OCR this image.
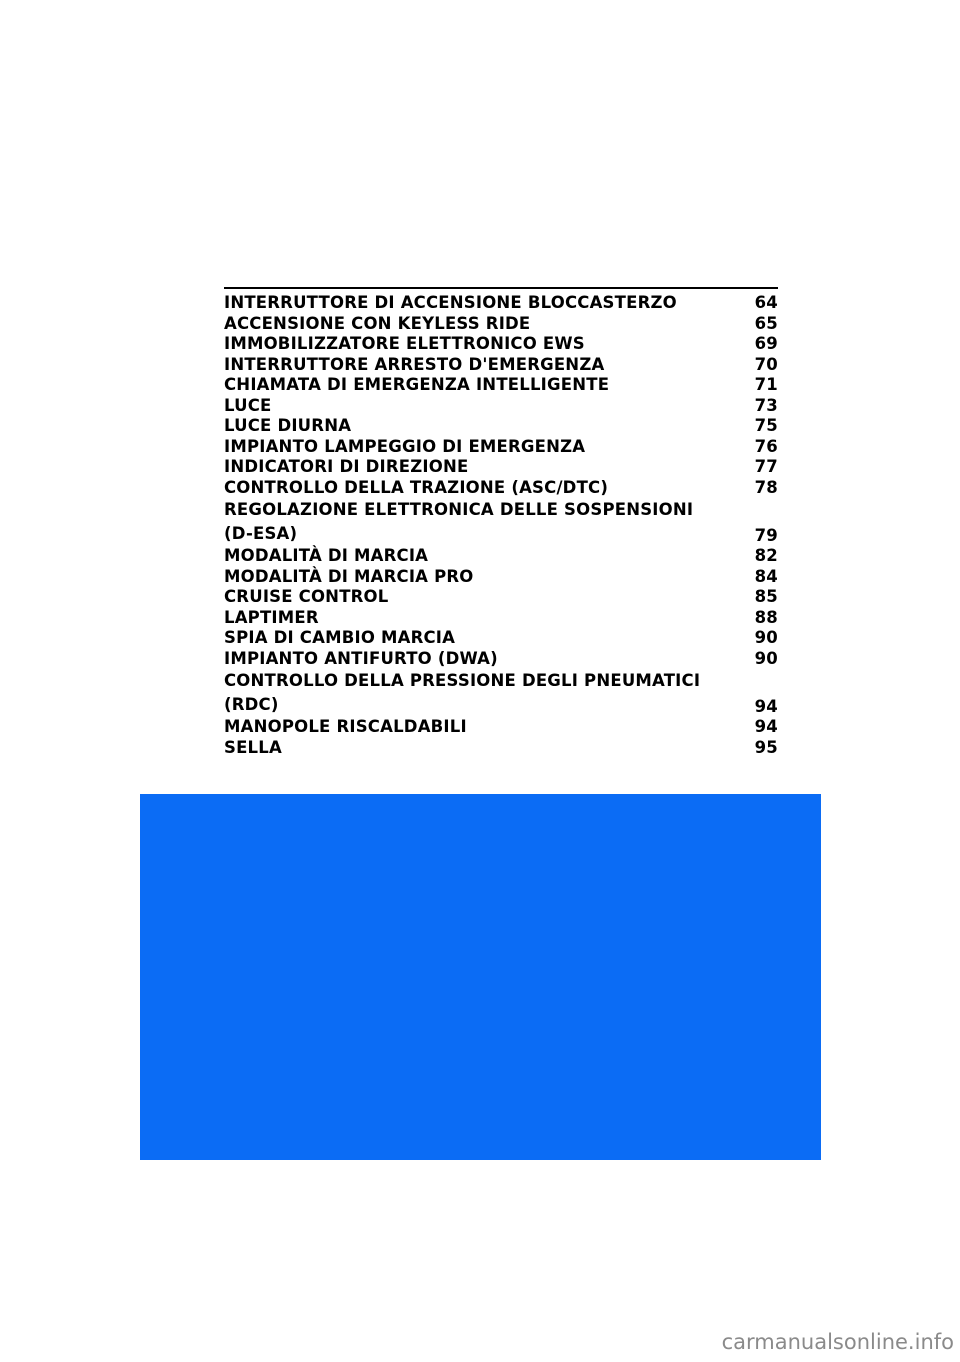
INTERRUTTORE DI ACCENSIONE BLOCCASTERZO	64
ACCENSIONE CON KEYLESS RIDE	65
IMMOBILIZZATORE ELETTRONICO EWS	69
INTERRUTTORE ARRESTO D'EMERGENZA	70
CHIAMATA DI EMERGENZA INTELLIGENTE	71
LUCE	73
LUCE DIURNA	75
IMPIANTO LAMPEGGIO DI EMERGENZA	76
INDICATORI DI DIREZIONE	77
CONTROLLO DELLA TRAZIONE (ASC/DTC)	78
REGOLAZIONE ELETTRONICA DELLE SOSPENSIONI (D-ESA)	79
MODALITÀ DI MARCIA	82
MODALITÀ DI MARCIA PRO	84
CRUISE CONTROL	85
LAPTIMER	88
SPIA DI CAMBIO MARCIA	90
IMPIANTO ANTIFURTO (DWA)	90
CONTROLLO DELLA PRESSIONE DEGLI PNEUMATICI (RDC)	94
MANOPOLE RISCALDABILI	94
SELLA	95
carmanualsonline.info
